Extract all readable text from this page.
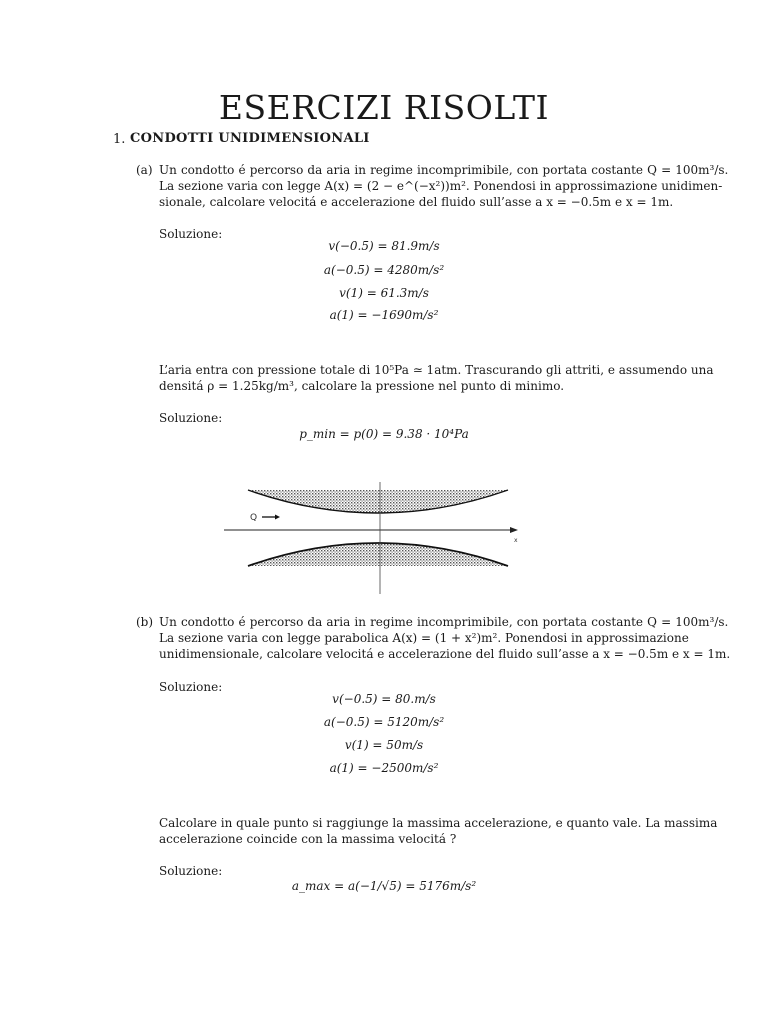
ESERCIZI RISOLTI
1. CONDOTTI UNIDIMENSIONALI
(a) Un condotto é percorso da aria in regime incomprimibile, con portata costante Q = 100m³/s.
La sezione varia con legge A(x) = (2 − e^(−x²))m². Ponendosi in approssimazione unidimen-
sionale, calcolare velocitá e accelerazione del fluido sull’asse a x = −0.5m e x = 1m.
Soluzione:
v(−0.5) = 81.9m/s
a(−0.5) = 4280m/s²
v(1) = 61.3m/s
a(1) = −1690m/s²
L’aria entra con pressione totale di 10⁵Pa ≃ 1atm. Trascurando gli attriti, e assumendo una
densitá ρ = 1.25kg/m³, calcolare la pressione nel punto di minimo.
Soluzione:
p_min = p(0) = 9.38 · 10⁴Pa
Q
x
(b) Un condotto é percorso da aria in regime incomprimibile, con portata costante Q = 100m³/s.
La sezione varia con legge parabolica A(x) = (1 + x²)m². Ponendosi in approssimazione
unidimensionale, calcolare velocitá e accelerazione del fluido sull’asse a x = −0.5m e x = 1m.
Soluzione:
v(−0.5) = 80.m/s
a(−0.5) = 5120m/s²
v(1) = 50m/s
a(1) = −2500m/s²
Calcolare in quale punto si raggiunge la massima accelerazione, e quanto vale. La massima
accelerazione coincide con la massima velocitá ?
Soluzione:
a_max = a(−1/√5) = 5176m/s²
